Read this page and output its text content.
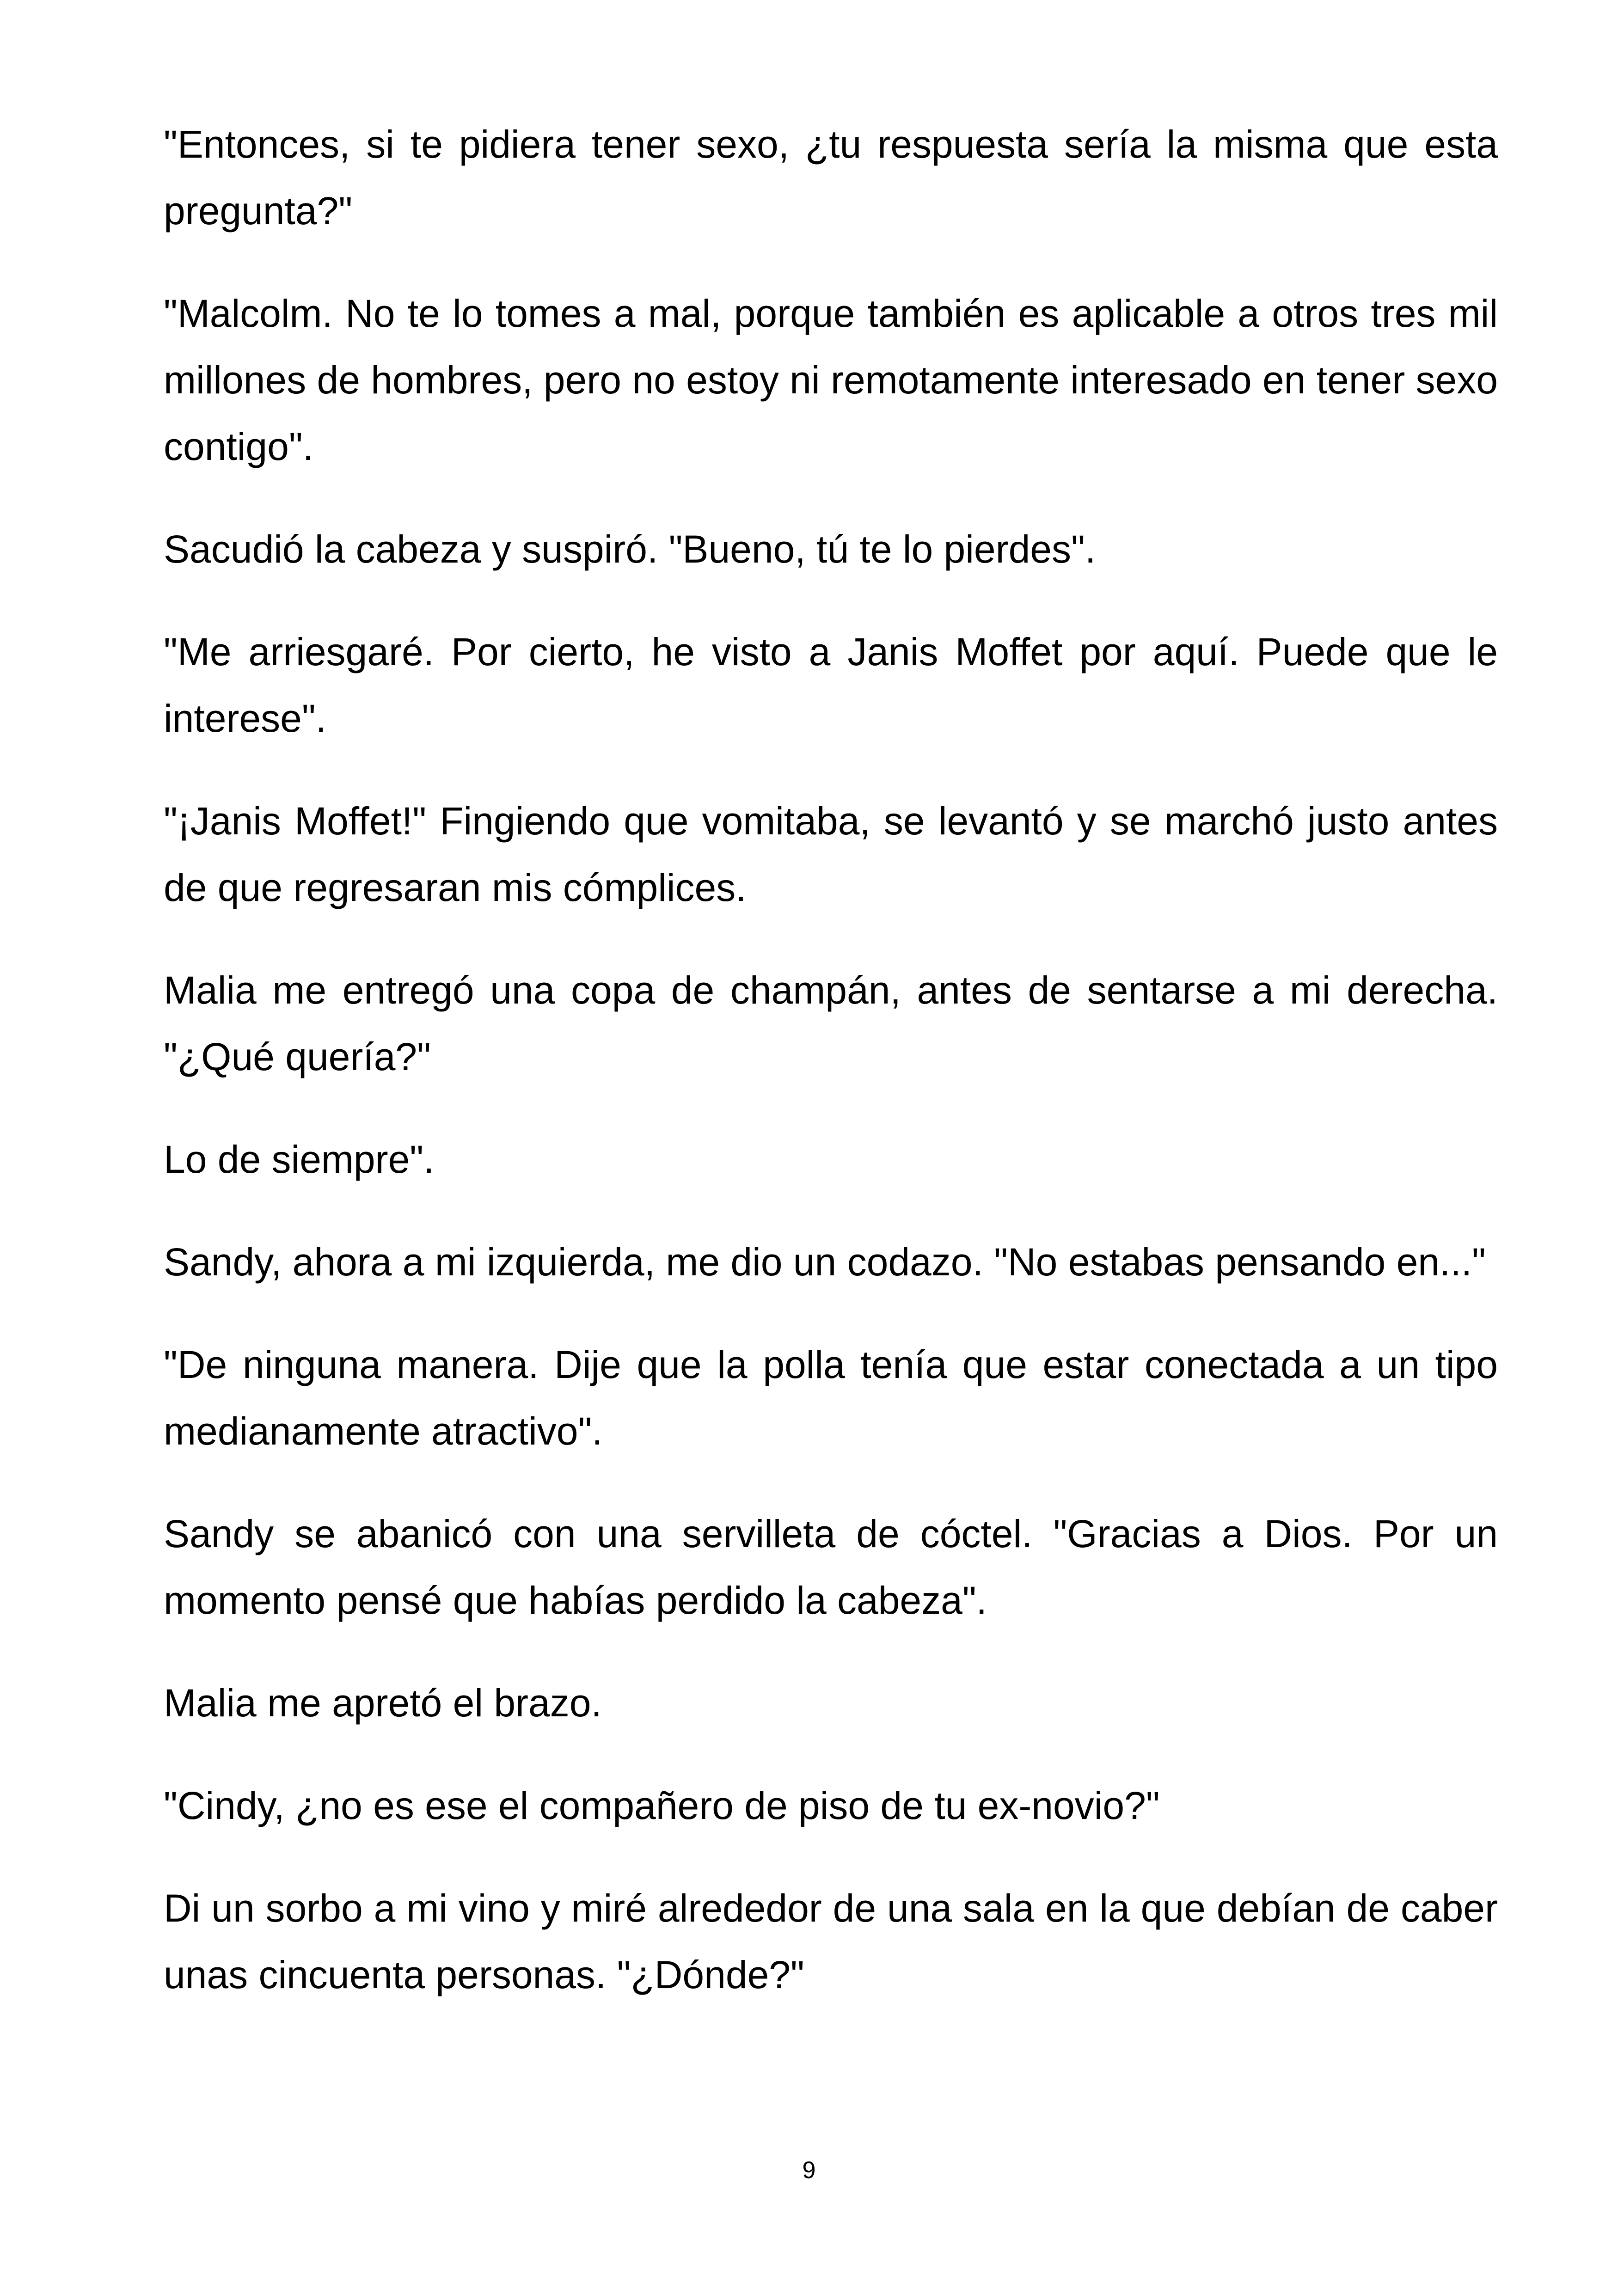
"Entonces, si te pidiera tener sexo, ¿tu respuesta sería la misma que esta pregunta?"

"Malcolm. No te lo tomes a mal, porque también es aplicable a otros tres mil millones de hombres, pero no estoy ni remotamente interesado en tener sexo contigo".

Sacudió la cabeza y suspiró. "Bueno, tú te lo pierdes".

"Me arriesgaré. Por cierto, he visto a Janis Moffet por aquí. Puede que le interese".

"¡Janis Moffet!" Fingiendo que vomitaba, se levantó y se marchó justo antes de que regresaran mis cómplices.

Malia me entregó una copa de champán, antes de sentarse a mi derecha. "¿Qué quería?"

Lo de siempre".

Sandy, ahora a mi izquierda, me dio un codazo. "No estabas pensando en..."

"De ninguna manera. Dije que la polla tenía que estar conectada a un tipo medianamente atractivo".

Sandy se abanicó con una servilleta de cóctel. "Gracias a Dios. Por un momento pensé que habías perdido la cabeza".

Malia me apretó el brazo.

"Cindy, ¿no es ese el compañero de piso de tu ex-novio?"

Di un sorbo a mi vino y miré alrededor de una sala en la que debían de caber unas cincuenta personas. "¿Dónde?"

9
